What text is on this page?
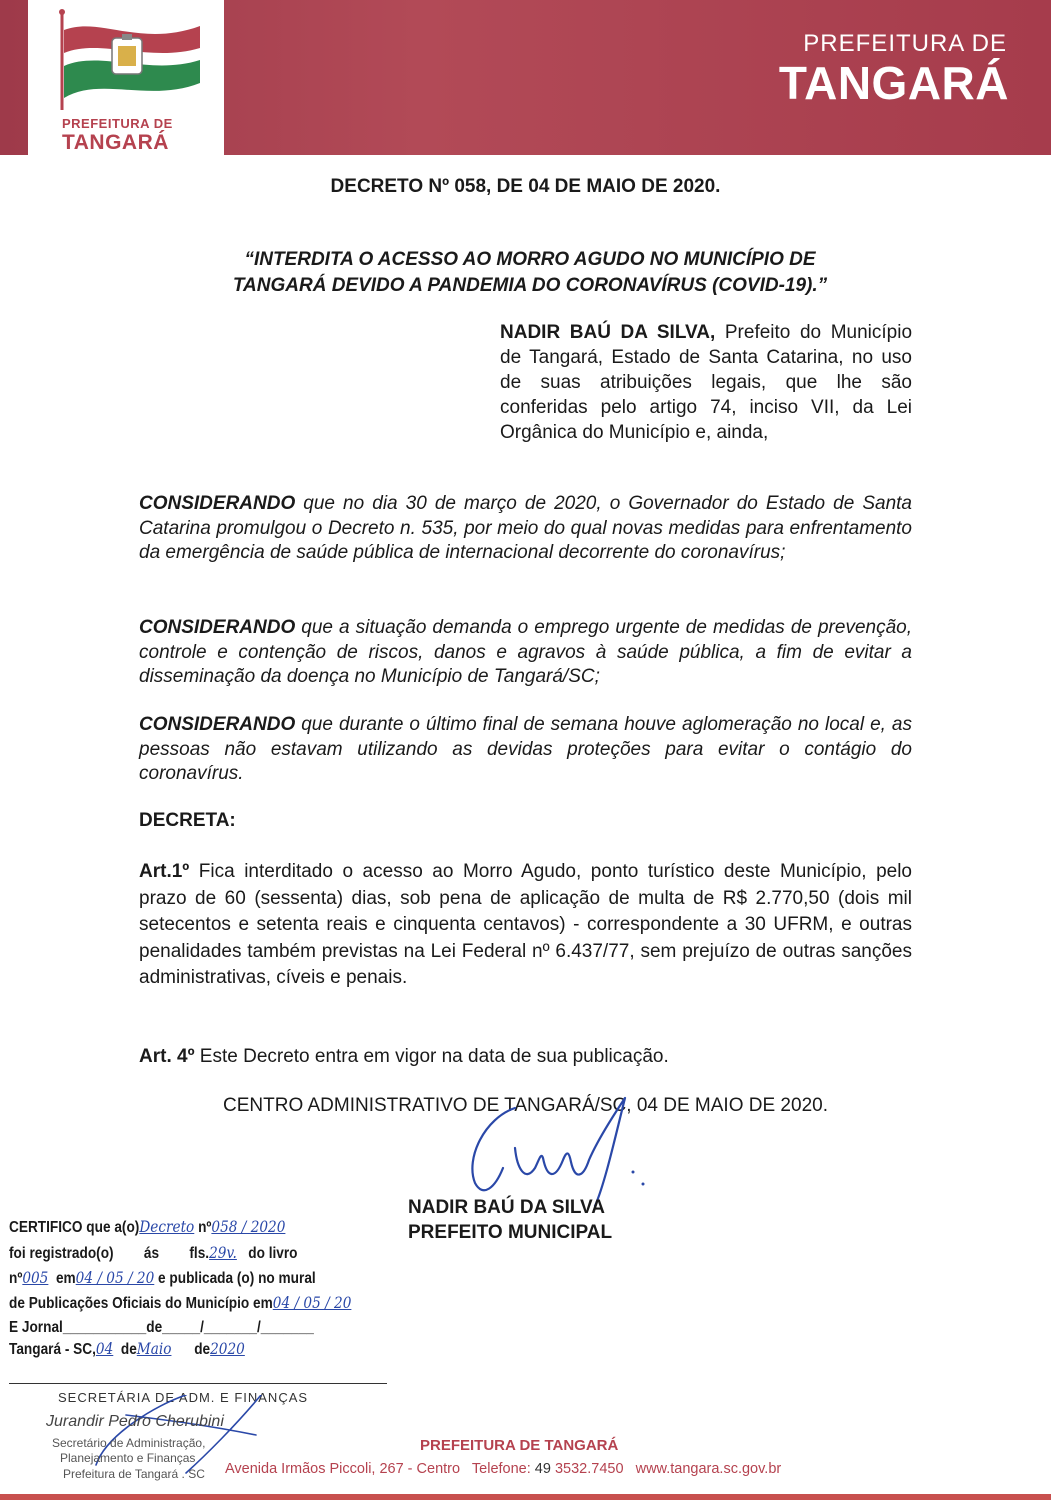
PREFEITURA DE
TANGARÁ
PREFEITURA DE
TANGARÁ
DECRETO Nº 058, DE 04 DE MAIO DE 2020.
“INTERDITA O ACESSO AO MORRO AGUDO NO MUNICÍPIO DE
TANGARÁ DEVIDO A PANDEMIA DO CORONAVÍRUS (COVID-19).”
NADIR BAÚ DA SILVA, Prefeito do Município de Tangará, Estado de Santa Catarina, no uso de suas atribuições legais, que lhe são conferidas pelo artigo 74, inciso VII, da Lei Orgânica do Município e, ainda,
CONSIDERANDO que no dia 30 de março de 2020, o Governador do Estado de Santa Catarina promulgou o Decreto n. 535, por meio do qual novas medidas para enfrentamento da emergência de saúde pública de internacional decorrente do coronavírus;
CONSIDERANDO que a situação demanda o emprego urgente de medidas de prevenção, controle e contenção de riscos, danos e agravos à saúde pública, a fim de evitar a disseminação da doença no Município de Tangará/SC;
CONSIDERANDO que durante o último final de semana houve aglomeração no local e, as pessoas não estavam utilizando as devidas proteções para evitar o contágio do coronavírus.
DECRETA:
Art.1º Fica interditado o acesso ao Morro Agudo, ponto turístico deste Município, pelo prazo de 60 (sessenta) dias, sob pena de aplicação de multa de R$ 2.770,50 (dois mil setecentos e setenta reais e cinquenta centavos) - correspondente a 30 UFRM, e outras penalidades também previstas na Lei Federal nº 6.437/77, sem prejuízo de outras sanções administrativas, cíveis e penais.
Art. 4º Este Decreto entra em vigor na data de sua publicação.
CENTRO ADMINISTRATIVO DE TANGARÁ/SC, 04 DE MAIO DE 2020.
NADIR BAÚ DA SILVA
PREFEITO MUNICIPAL
CERTIFICO que a(o)Decreto nº058 / 2020
foi registrado(o)        ás        fls.29v.   do livro
nº005  em04 / 05 / 20 e publicada (o) no mural
de Publicações Oficiais do Município em04 / 05 / 20
E Jornal___________de_____/_______/_______
Tangará - SC,04  deMaio      de2020
SECRETÁRIA DE ADM. E FINANÇAS
Jurandir Pedro Cherubini
Secretário de Administração,
Planejamento e Finanças
Prefeitura de Tangará . SC
PREFEITURA DE TANGARÁ
Avenida Irmãos Piccoli, 267 - Centro Telefone: 49 3532.7450 www.tangara.sc.gov.br
